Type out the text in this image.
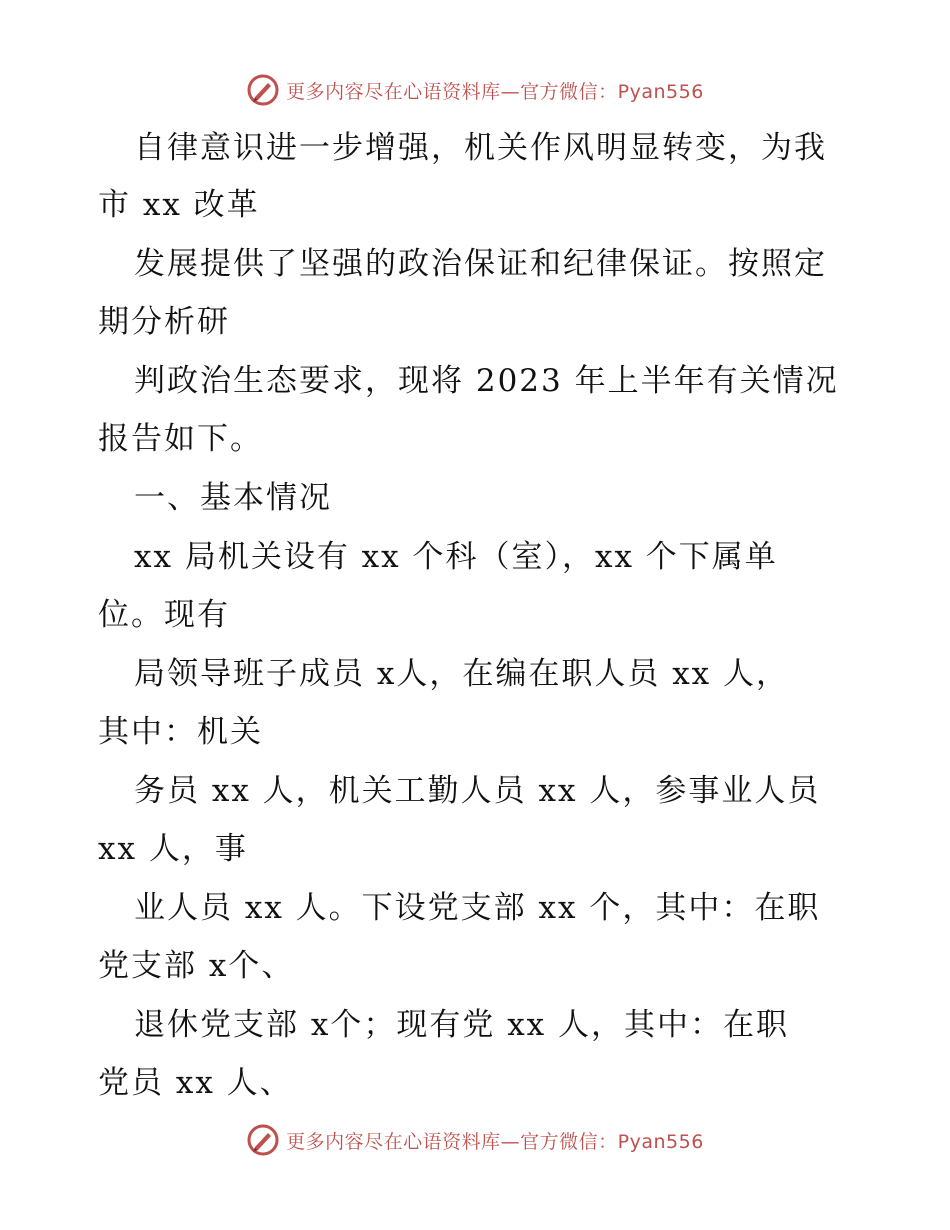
更多内容尽在心语资料库—官方微信：Pyan556
自律意识进一步增强，机关作风明显转变，为我
市 xx 改革
发展提供了坚强的政治保证和纪律保证。按照定
期分析研
判政治生态要求，现将 2023 年上半年有关情况
报告如下。
一、基本情况
xx 局机关设有 xx 个科（室），xx 个下属单
位。现有
局领导班子成员 x人，在编在职人员 xx 人，
其中：机关
务员 xx 人，机关工勤人员 xx 人，参事业人员
xx 人，事
业人员 xx 人。下设党支部 xx 个，其中：在职
党支部 x个、
退休党支部 x个；现有党 xx 人，其中：在职
党员 xx 人、
更多内容尽在心语资料库—官方微信：Pyan556
